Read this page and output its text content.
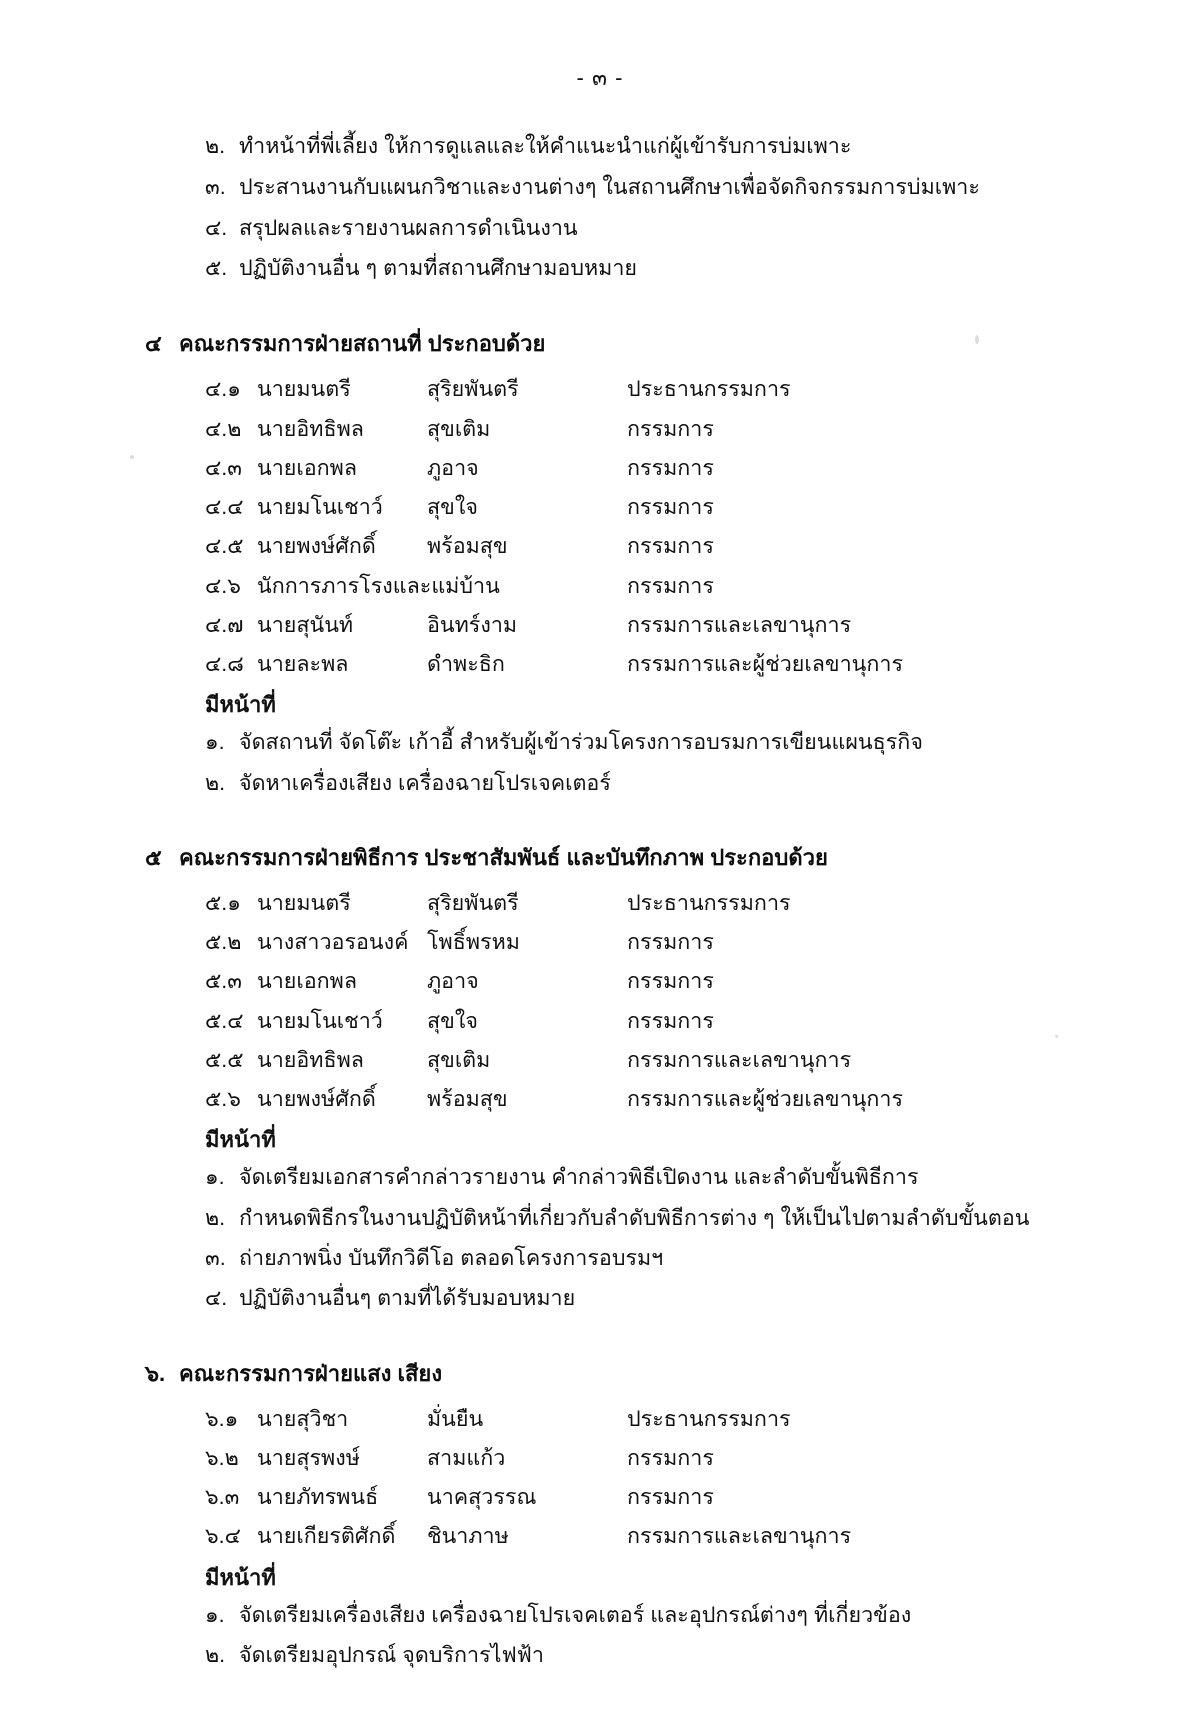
- ๓ -
๒. ทำหน้าที่พี่เลี้ยง ให้การดูแลและให้คำแนะนำแก่ผู้เข้ารับการบ่มเพาะ
๓. ประสานงานกับแผนกวิชาและงานต่างๆ ในสถานศึกษาเพื่อจัดกิจกรรมการบ่มเพาะ
๔. สรุปผลและรายงานผลการดำเนินงาน
๕. ปฏิบัติงานอื่น ๆ ตามที่สถานศึกษามอบหมาย
๔ คณะกรรมการฝ่ายสถานที่ ประกอบด้วย
๔.๑ นายมนตรี	สุริยพันตรี	ประธานกรรมการ
๔.๒ นายอิทธิพล	สุขเติม	กรรมการ
๔.๓ นายเอกพล	ภูอาจ	กรรมการ
๔.๔ นายมโนเชาว์	สุขใจ	กรรมการ
๔.๕ นายพงษ์ศักดิ์	พร้อมสุข	กรรมการ
๔.๖ นักการภารโรงและแม่บ้าน	กรรมการ
๔.๗ นายสุนันท์	อินทร์งาม	กรรมการและเลขานุการ
๔.๘ นายละพล	ดำพะธิก	กรรมการและผู้ช่วยเลขานุการ
มีหน้าที่
๑. จัดสถานที่ จัดโต๊ะ เก้าอี้ สำหรับผู้เข้าร่วมโครงการอบรมการเขียนแผนธุรกิจ
๒. จัดหาเครื่องเสียง เครื่องฉายโปรเจคเตอร์
๕ คณะกรรมการฝ่ายพิธีการ ประชาสัมพันธ์ และบันทึกภาพ ประกอบด้วย
๕.๑ นายมนตรี	สุริยพันตรี	ประธานกรรมการ
๕.๒ นางสาวอรอนงค์ โพธิ์พรหม	กรรมการ
๕.๓ นายเอกพล	ภูอาจ	กรรมการ
๕.๔ นายมโนเชาว์	สุขใจ	กรรมการ
๕.๕ นายอิทธิพล	สุขเติม	กรรมการและเลขานุการ
๕.๖ นายพงษ์ศักดิ์	พร้อมสุข	กรรมการและผู้ช่วยเลขานุการ
มีหน้าที่
๑. จัดเตรียมเอกสารคำกล่าวรายงาน คำกล่าวพิธีเปิดงาน และลำดับขั้นพิธีการ
๒. กำหนดพิธีกรในงานปฏิบัติหน้าที่เกี่ยวกับลำดับพิธีการต่าง ๆ ให้เป็นไปตามลำดับขั้นตอน
๓. ถ่ายภาพนิ่ง บันทึกวิดีโอ ตลอดโครงการอบรมฯ
๔. ปฏิบัติงานอื่นๆ ตามที่ได้รับมอบหมาย
๖. คณะกรรมการฝ่ายแสง เสียง
๖.๑ นายสุวิชา	มั่นยืน	ประธานกรรมการ
๖.๒ นายสุรพงษ์	สามแก้ว	กรรมการ
๖.๓ นายภัทรพนธ์	นาคสุวรรณ	กรรมการ
๖.๔ นายเกียรติศักดิ์	ชินาภาษ	กรรมการและเลขานุการ
มีหน้าที่
๑. จัดเตรียมเครื่องเสียง เครื่องฉายโปรเจคเตอร์ และอุปกรณ์ต่างๆ ที่เกี่ยวข้อง
๒. จัดเตรียมอุปกรณ์ จุดบริการไฟฟ้า
